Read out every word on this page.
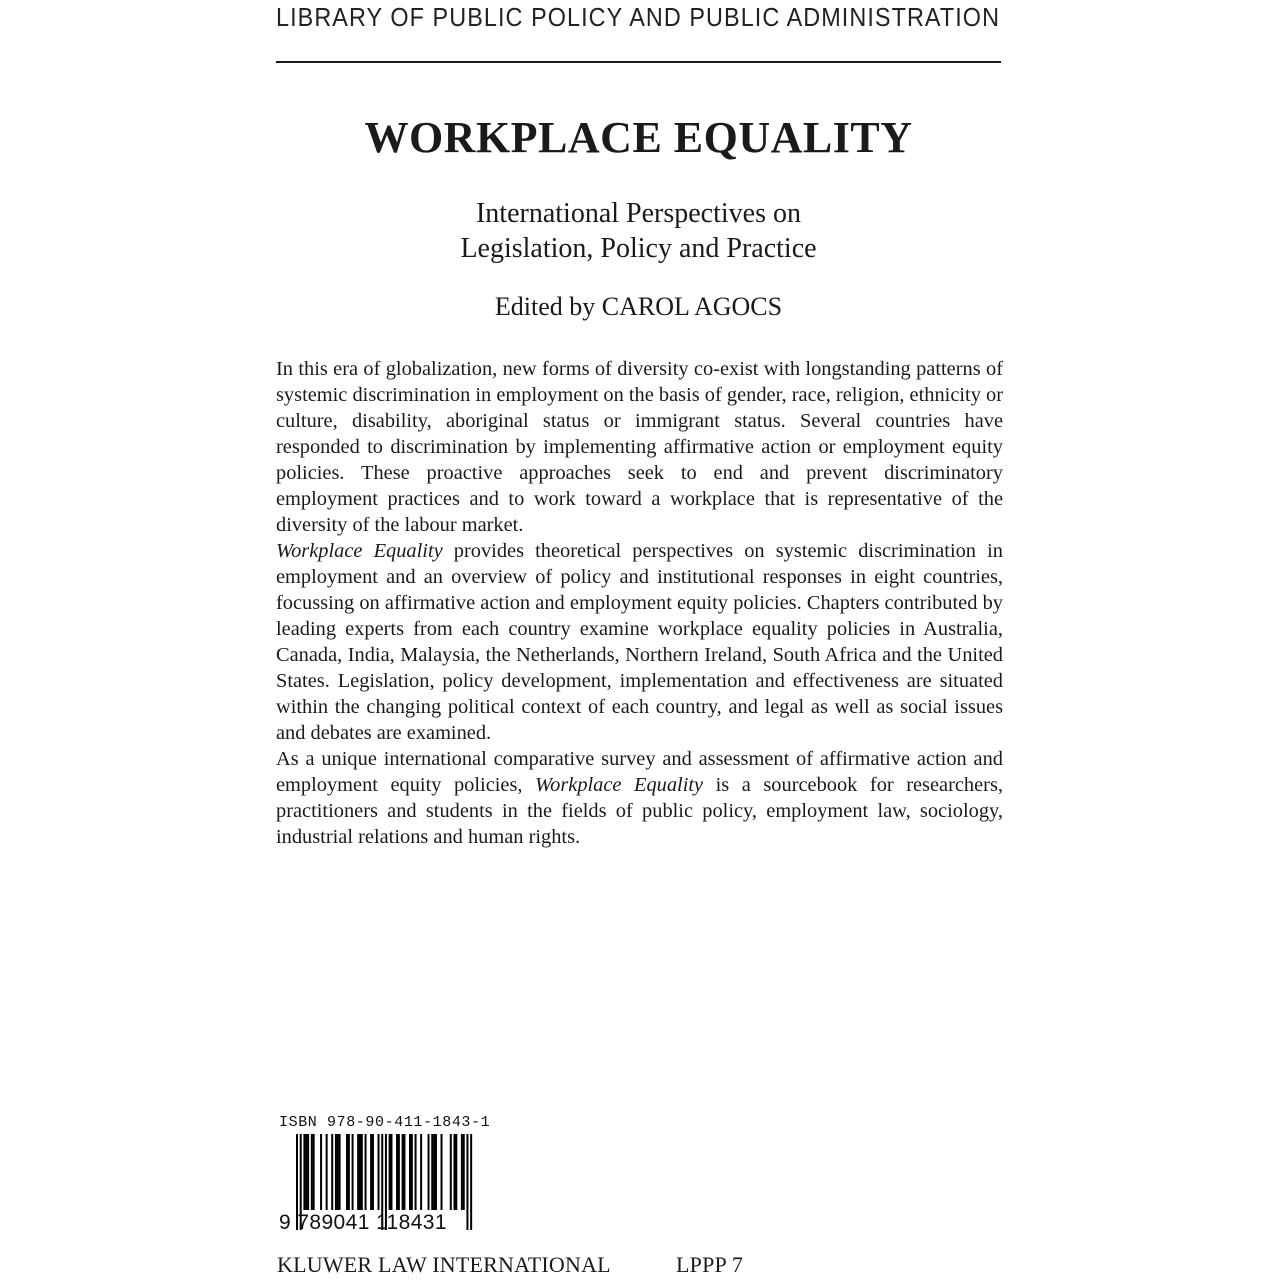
LIBRARY OF PUBLIC POLICY AND PUBLIC ADMINISTRATION
WORKPLACE EQUALITY
International Perspectives on
Legislation, Policy and Practice
Edited by CAROL AGOCS

In this era of globalization, new forms of diversity co-exist with longstanding patterns of systemic discrimination in employment on the basis of gender, race, religion, ethnicity or culture, disability, aboriginal status or immigrant status. Several countries have responded to discrimination by implementing affirmative action or employment equity policies. These proactive approaches seek to end and prevent discriminatory employment practices and to work toward a workplace that is representative of the diversity of the labour market.

Workplace Equality provides theoretical perspectives on systemic discrimination in employment and an overview of policy and institutional responses in eight countries, focussing on affirmative action and employment equity policies. Chapters contributed by leading experts from each country examine workplace equality policies in Australia, Canada, India, Malaysia, the Netherlands, Northern Ireland, South Africa and the United States. Legislation, policy development, implementation and effectiveness are situated within the changing political context of each country, and legal as well as social issues and debates are examined.

As a unique international comparative survey and assessment of affirmative action and employment equity policies, Workplace Equality is a sourcebook for researchers, practitioners and students in the fields of public policy, employment law, sociology, industrial relations and human rights.

ISBN 978-90-411-1843-1
9 789041 118431
KLUWER LAW INTERNATIONAL	LPPP 7
